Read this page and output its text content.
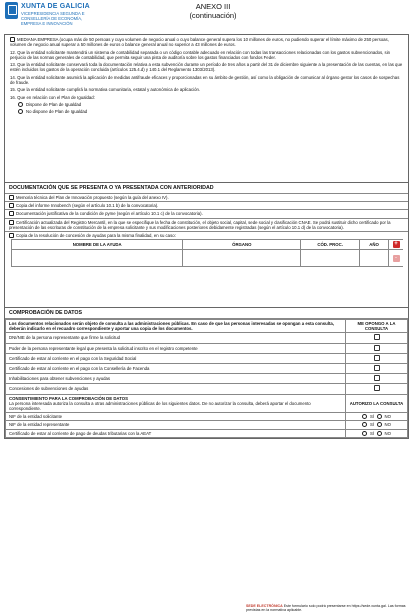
XUNTA DE GALICIA
VICEPRESIDENCIA SEGUNDA E
CONSELLERÍA DE ECONOMÍA,
EMPRESA E INNOVACIÓN
ANEXO III
(continuación)

MEDIANA EMPRESA (ocupa más de 50 persoas y cuyo volumen de negocio anual o cuyo balance general supera los 10 millones de euros, no pudiendo superar el límite máximo de 250 persoas, volumen de negocio anual superar a 50 millones de euros o balance general anual no superior a 43 millones de euros.

12. Que la entidad solicitante mantendrá un sistema de contabilidad separada o un código contable adecuado en relación con todas las transacciones relacionadas con los gastos subvencionados, sin perjuicio de las normas generales de contabilidad, que permita seguir una pista de auditoría sobre los gastos financiados con fondos Feder.

13. Que la entidad solicitante conservará toda la documentación relativa a esta subvención durante un período de tres años a partir del 31 de diciembre siguiente a la presentación de las cuentas, en las que estén incluidos los gastos de la operación concluida (artículos 125.4.d) y 140.1 del Reglamento 1303/2013).

14. Que la entidad solicitante asumirá la aplicación de medidas antifraude eficaces y proporcionadas en su ámbito de gestión, así como la obligación de comunicar al órgano gestor los casos de sospechas de fraude.

15. Que la entidad solicitante cumplirá la normativa comunitaria, estatal y autonómica de aplicación.

16. Que en relación con el Plan de Igualdad:

Dispone de Plan de Igualdad

No dispone de Plan de Igualdad

DOCUMENTACIÓN QUE SE PRESENTA O YA PRESENTADA CON ANTERIORIDAD
Memoria técnica del Plan de Innovación propuesto (según la guía del anexo IV).
Copia del informe Innobench (según el artículo 10.1 b) de la convocatoria).
Documentación justificativa de la condición de pyme (según el artículo 10.1 c) de la convocatoria).
Certificación actualizada del Registro Mercantil, en la que se especifique la fecha de constitución, el objeto social, capital, sede social y clasificación CNAE. Se podrá sustituir dicho certificado por la presentación de las escrituras de constitución de la empresa solicitante y sus modificaciones posteriores debidamente registradas (según el artículo 10.1 d) de la convocatoria).
Copia de la resolución de concesión de ayudas para la misma finalidad, en su caso:
NOMBRE DE LA AYUDA	ÓRGANO	CÓD. PROC.	AÑO	+
				-
COMPROBACIÓN DE DATOS
Los documentos relacionados serán objeto de consulta a las administraciones públicas. En caso de que las personas interesadas se opongan a esta consulta, deberán indicarlo en el recuadro correspondiente y aportar una copia de los documentos.	ME OPONGO A LA CONSULTA
DNI/NIE de la persona representante que firme la solicitud	
Poder de la persona representante legal que presenta la solicitud inscrito en el registro competente	
Certificado de estar al corriente en el pago con la Seguridad Social	
Certificado de estar al corriente en el pago con la Consellería de Facenda	
Inhabilitaciones para obtener subvenciones y ayudas	
Concesiones de subvenciones de ayudas	

CONSENTIMIENTO PARA LA COMPROBACIÓN DE DATOS
La persona interesada autoriza la consulta a otras administraciones públicas de los siguientes datos. De no autorizar la consulta, deberá aportar el documento correspondiente.	AUTORIZO LA CONSULTA
NIF de la entidad solicitante	SÍ NO
NIF de la entidad representante	SÍ NO
Certificado de estar al corriente de pago de deudas tributarias con la AEAT	SÍ NO
SEDE ELECTRÓNICA Este formulario solo podrá presentarse en https://sede.xunta.gal. Las formas previstas en la normativa aplicable.
